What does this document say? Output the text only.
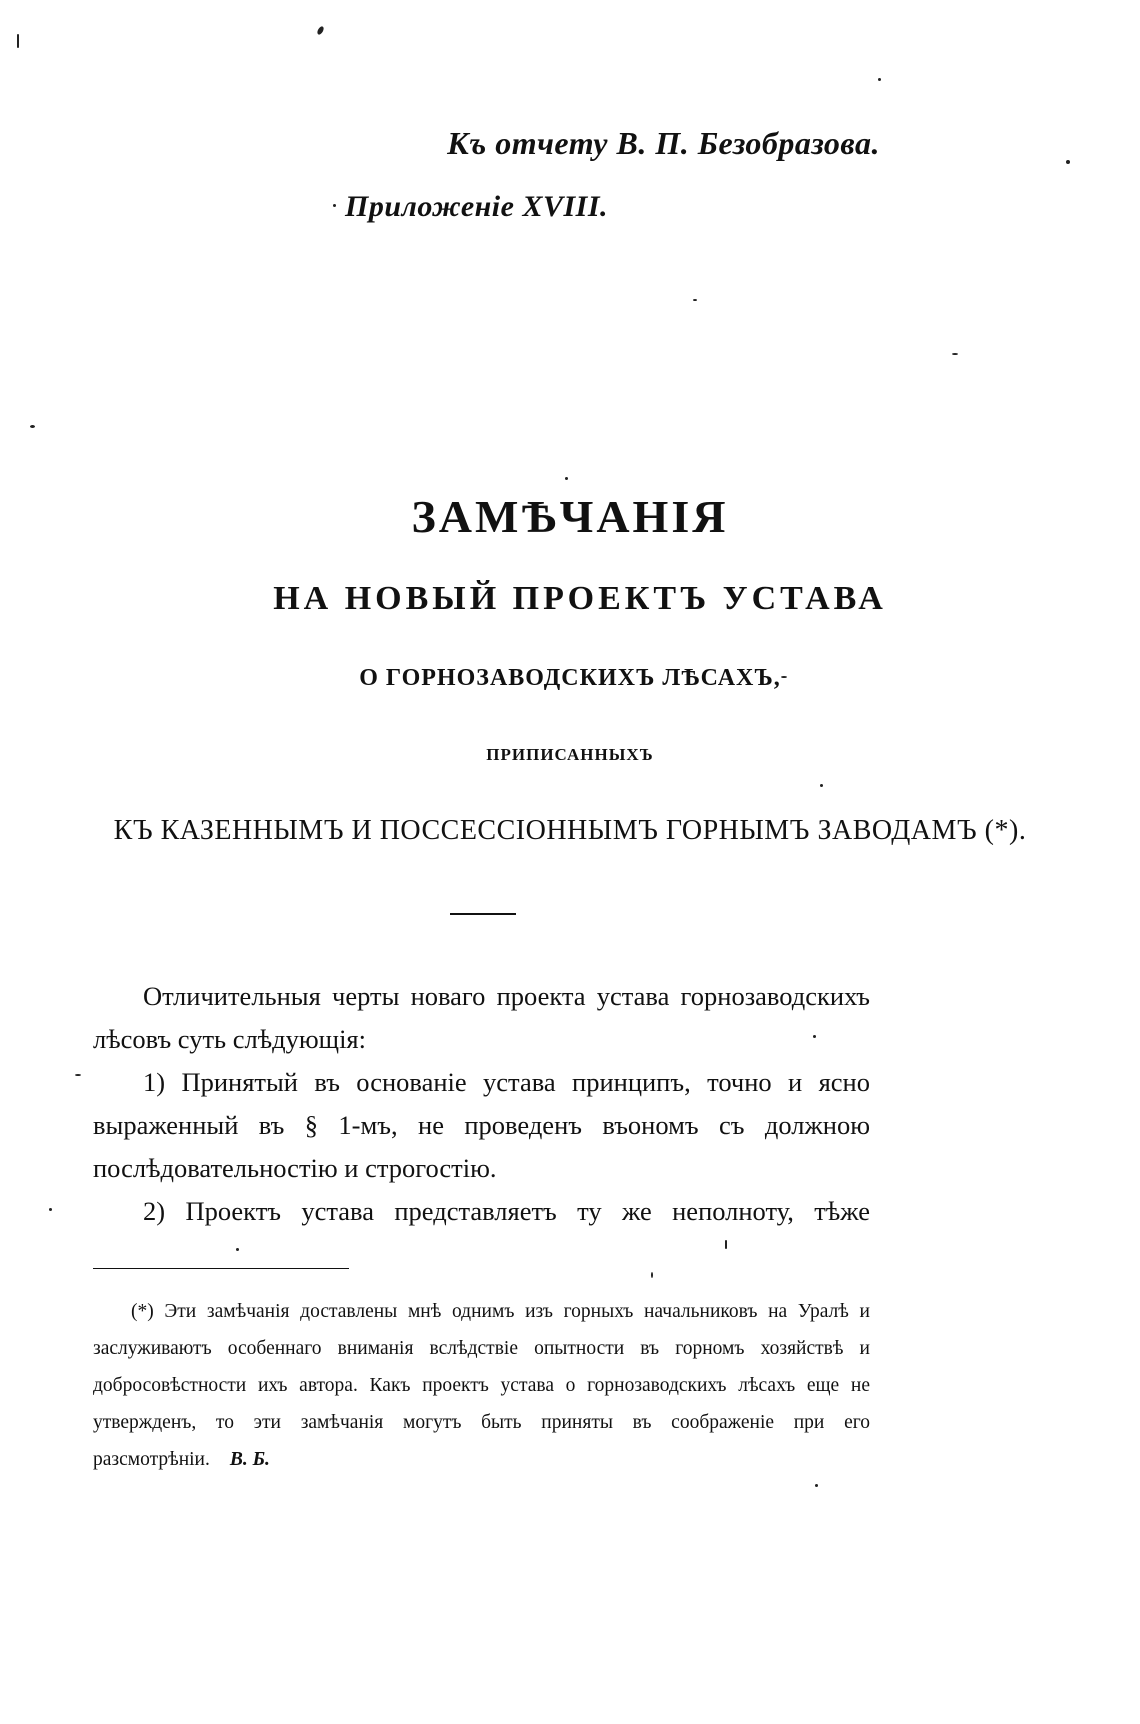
Къ отчету В. П. Безобразова.
Приложеніе XVIII.
ЗАМѢЧАНІЯ
НА НОВЫЙ ПРОЕКТЪ УСТАВА
О ГОРНОЗАВОДСКИХЪ ЛѢСАХЪ,
ПРИПИСАННЫХЪ
КЪ КАЗЕННЫМЪ И ПОССЕССІОННЫМЪ ГОРНЫМЪ ЗАВОДАМЪ (*).

Отличительныя черты новаго проекта устава горнозаводскихъ лѣсовъ суть слѣдующія:

1) Принятый въ основаніе устава принципъ, точно и ясно выраженный въ § 1-мъ, не проведенъ въономъ съ должною послѣдовательностію и строгостію.

2) Проектъ устава представляетъ ту же неполноту, тѣже

(*) Эти замѣчанія доставлены мнѣ однимъ изъ горныхъ начальниковъ на Уралѣ и заслуживаютъ особеннаго вниманія вслѣдствіе опытности въ горномъ хозяйствѣ и добросовѣстности ихъ автора. Какъ проектъ устава о горнозаводскихъ лѣсахъ еще не утвержденъ, то эти замѣчанія могутъ быть приняты въ соображеніе при его разсмотрѣніи. В. Б.
